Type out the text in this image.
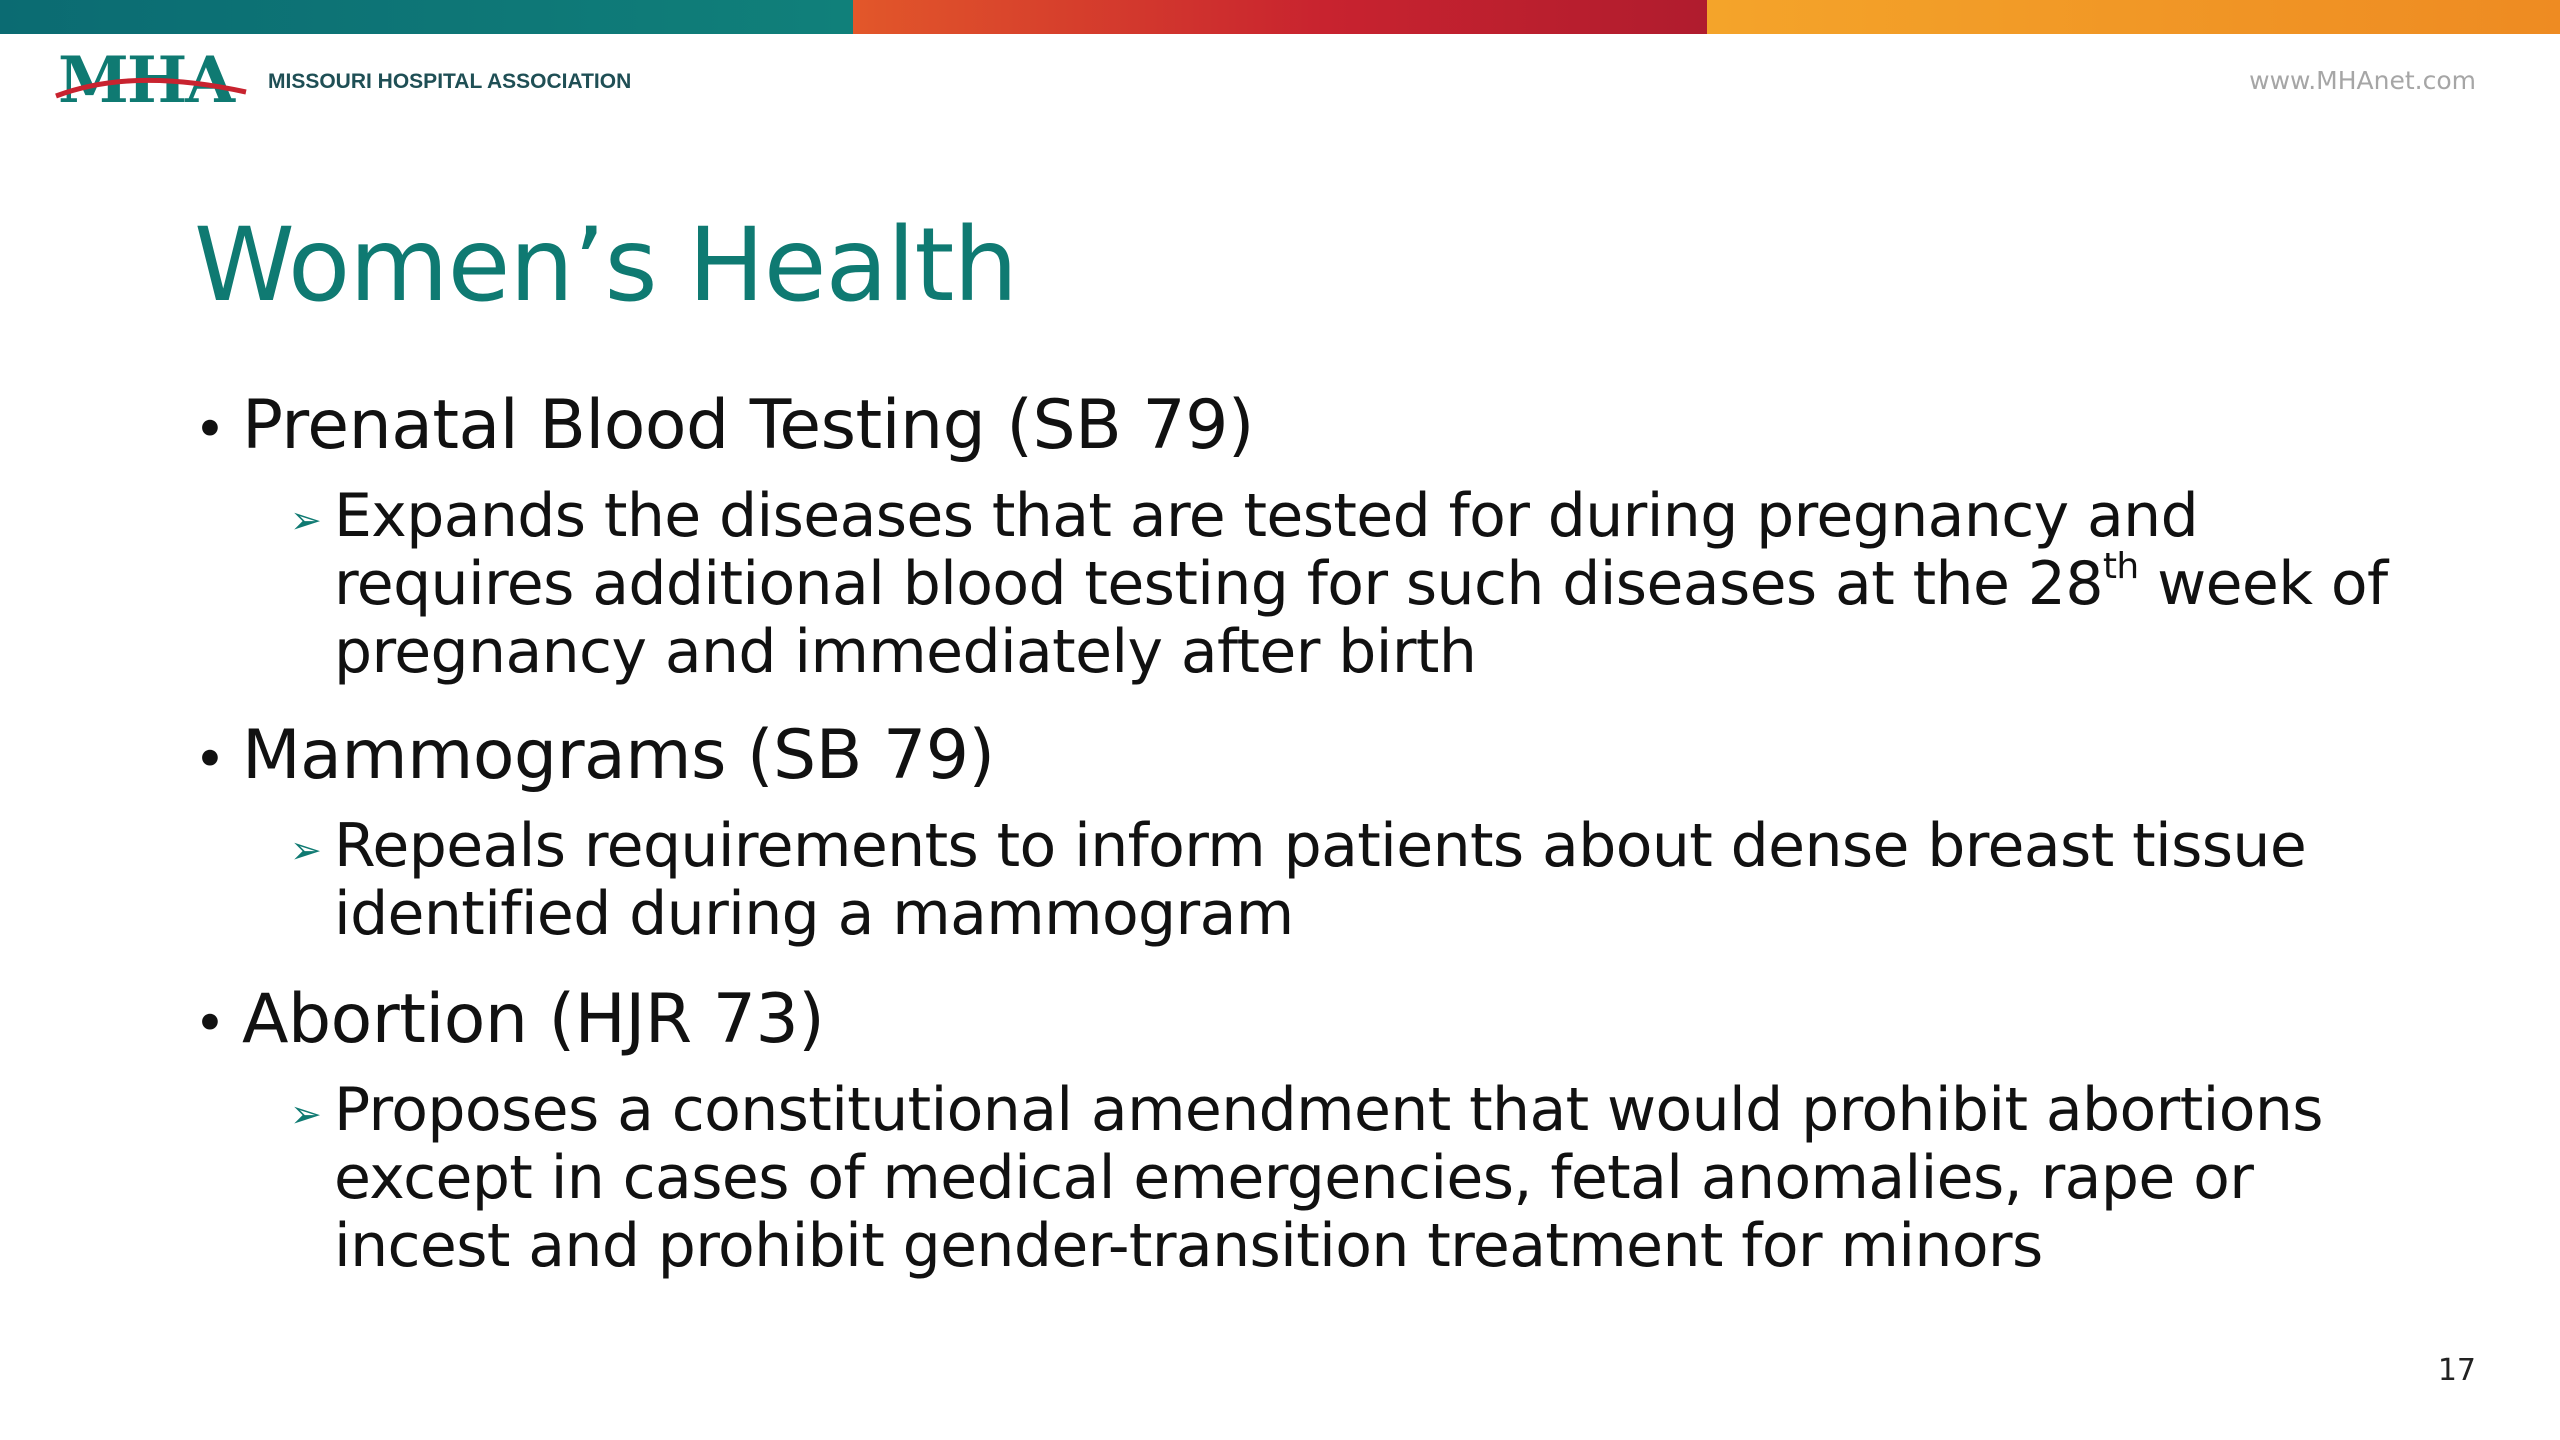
MHA MISSOURI HOSPITAL ASSOCIATION	www.MHAnet.com
Women’s Health
• Prenatal Blood Testing (SB 79)
➢ Expands the diseases that are tested for during pregnancy and requires additional blood testing for such diseases at the 28th week of pregnancy and immediately after birth
• Mammograms (SB 79)
➢ Repeals requirements to inform patients about dense breast tissue identified during a mammogram
• Abortion (HJR 73)
➢ Proposes a constitutional amendment that would prohibit abortions except in cases of medical emergencies, fetal anomalies, rape or incest and prohibit gender-transition treatment for minors
17
